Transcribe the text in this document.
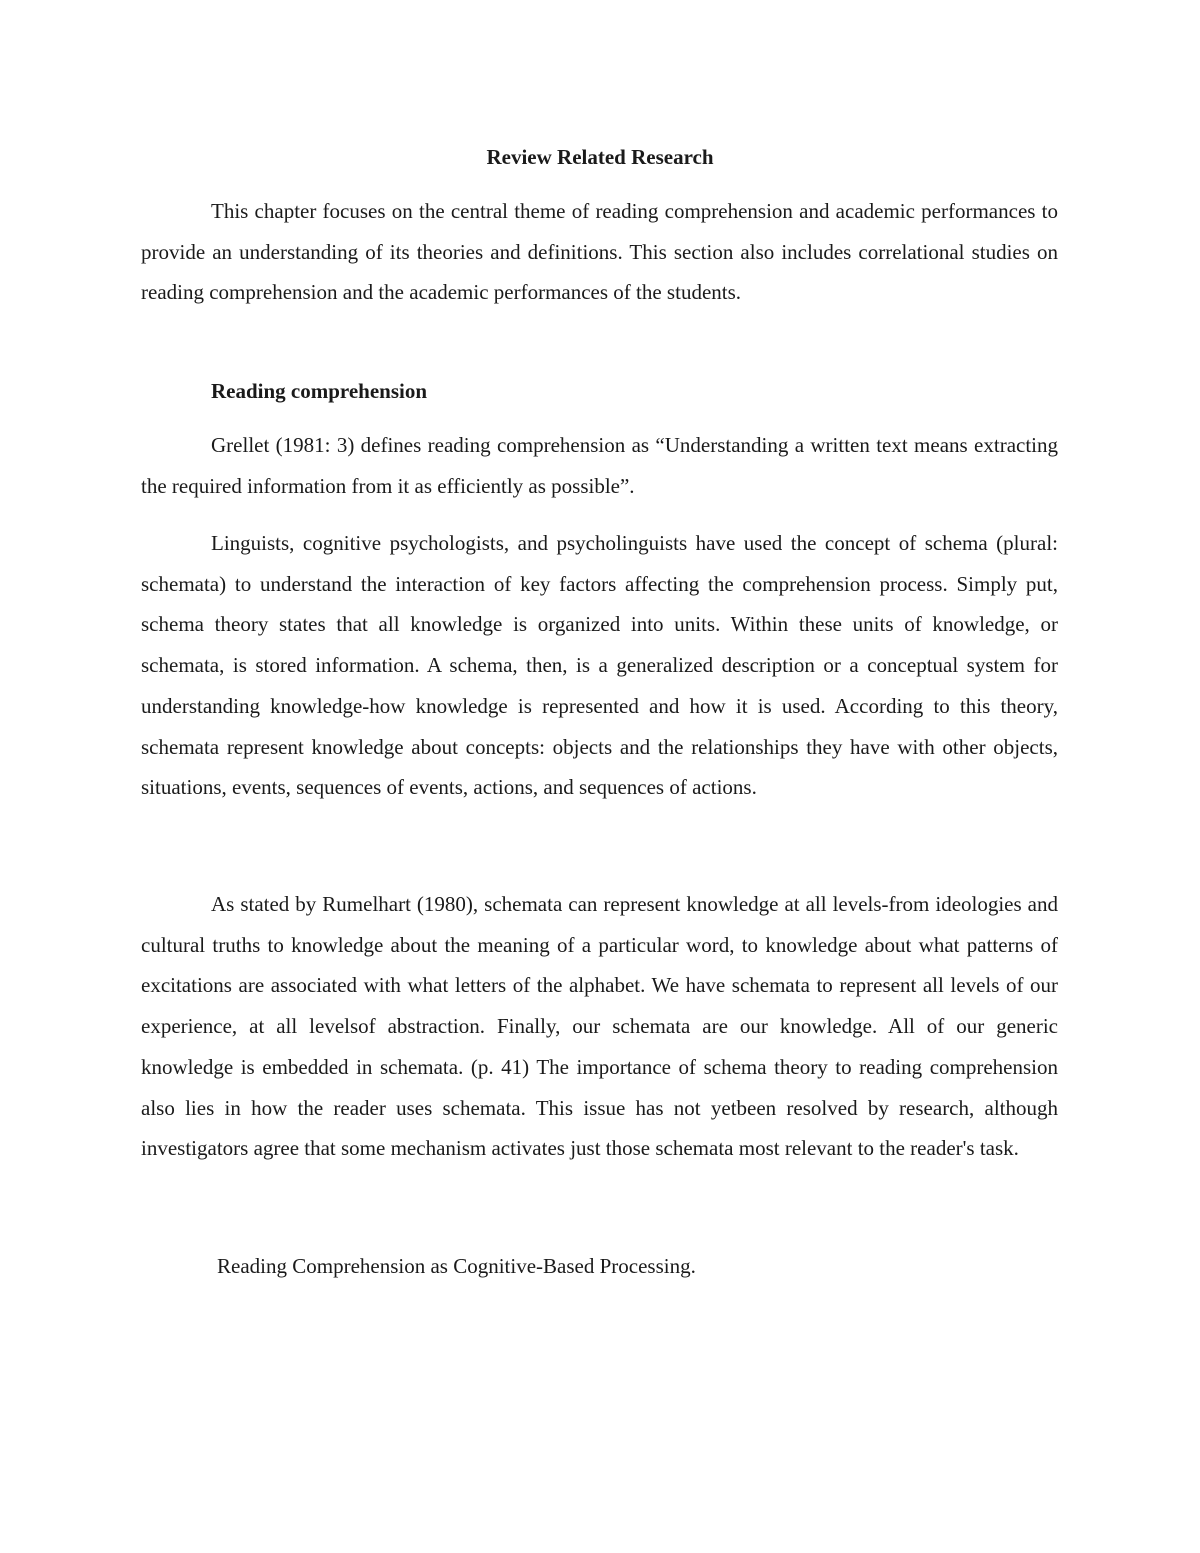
Review Related Research

This chapter focuses on the central theme of reading comprehension and academic performances to provide an understanding of its theories and definitions. This section also includes correlational studies on reading comprehension and the academic performances of the students.

Reading comprehension

Grellet (1981: 3) defines reading comprehension as “Understanding a written text means extracting the required information from it as efficiently as possible”.

Linguists, cognitive psychologists, and psycholinguists have used the concept of schema (plural: schemata) to understand the interaction of key factors affecting the comprehension process. Simply put, schema theory states that all knowledge is organized into units. Within these units of knowledge, or schemata, is stored information. A schema, then, is a generalized description or a conceptual system for understanding knowledge-how knowledge is represented and how it is used. According to this theory, schemata represent knowledge about concepts: objects and the relationships they have with other objects, situations, events, sequences of events, actions, and sequences of actions.

As stated by Rumelhart (1980), schemata can represent knowledge at all levels-from ideologies and cultural truths to knowledge about the meaning of a particular word, to knowledge about what patterns of excitations are associated with what letters of the alphabet. We have schemata to represent all levels of our experience, at all levelsof abstraction. Finally, our schemata are our knowledge. All of our generic knowledge is embedded in schemata. (p. 41) The importance of schema theory to reading comprehension also lies in how the reader uses schemata. This issue has not yetbeen resolved by research, although investigators agree that some mechanism activates just those schemata most relevant to the reader's task.

Reading Comprehension as Cognitive-Based Processing.
